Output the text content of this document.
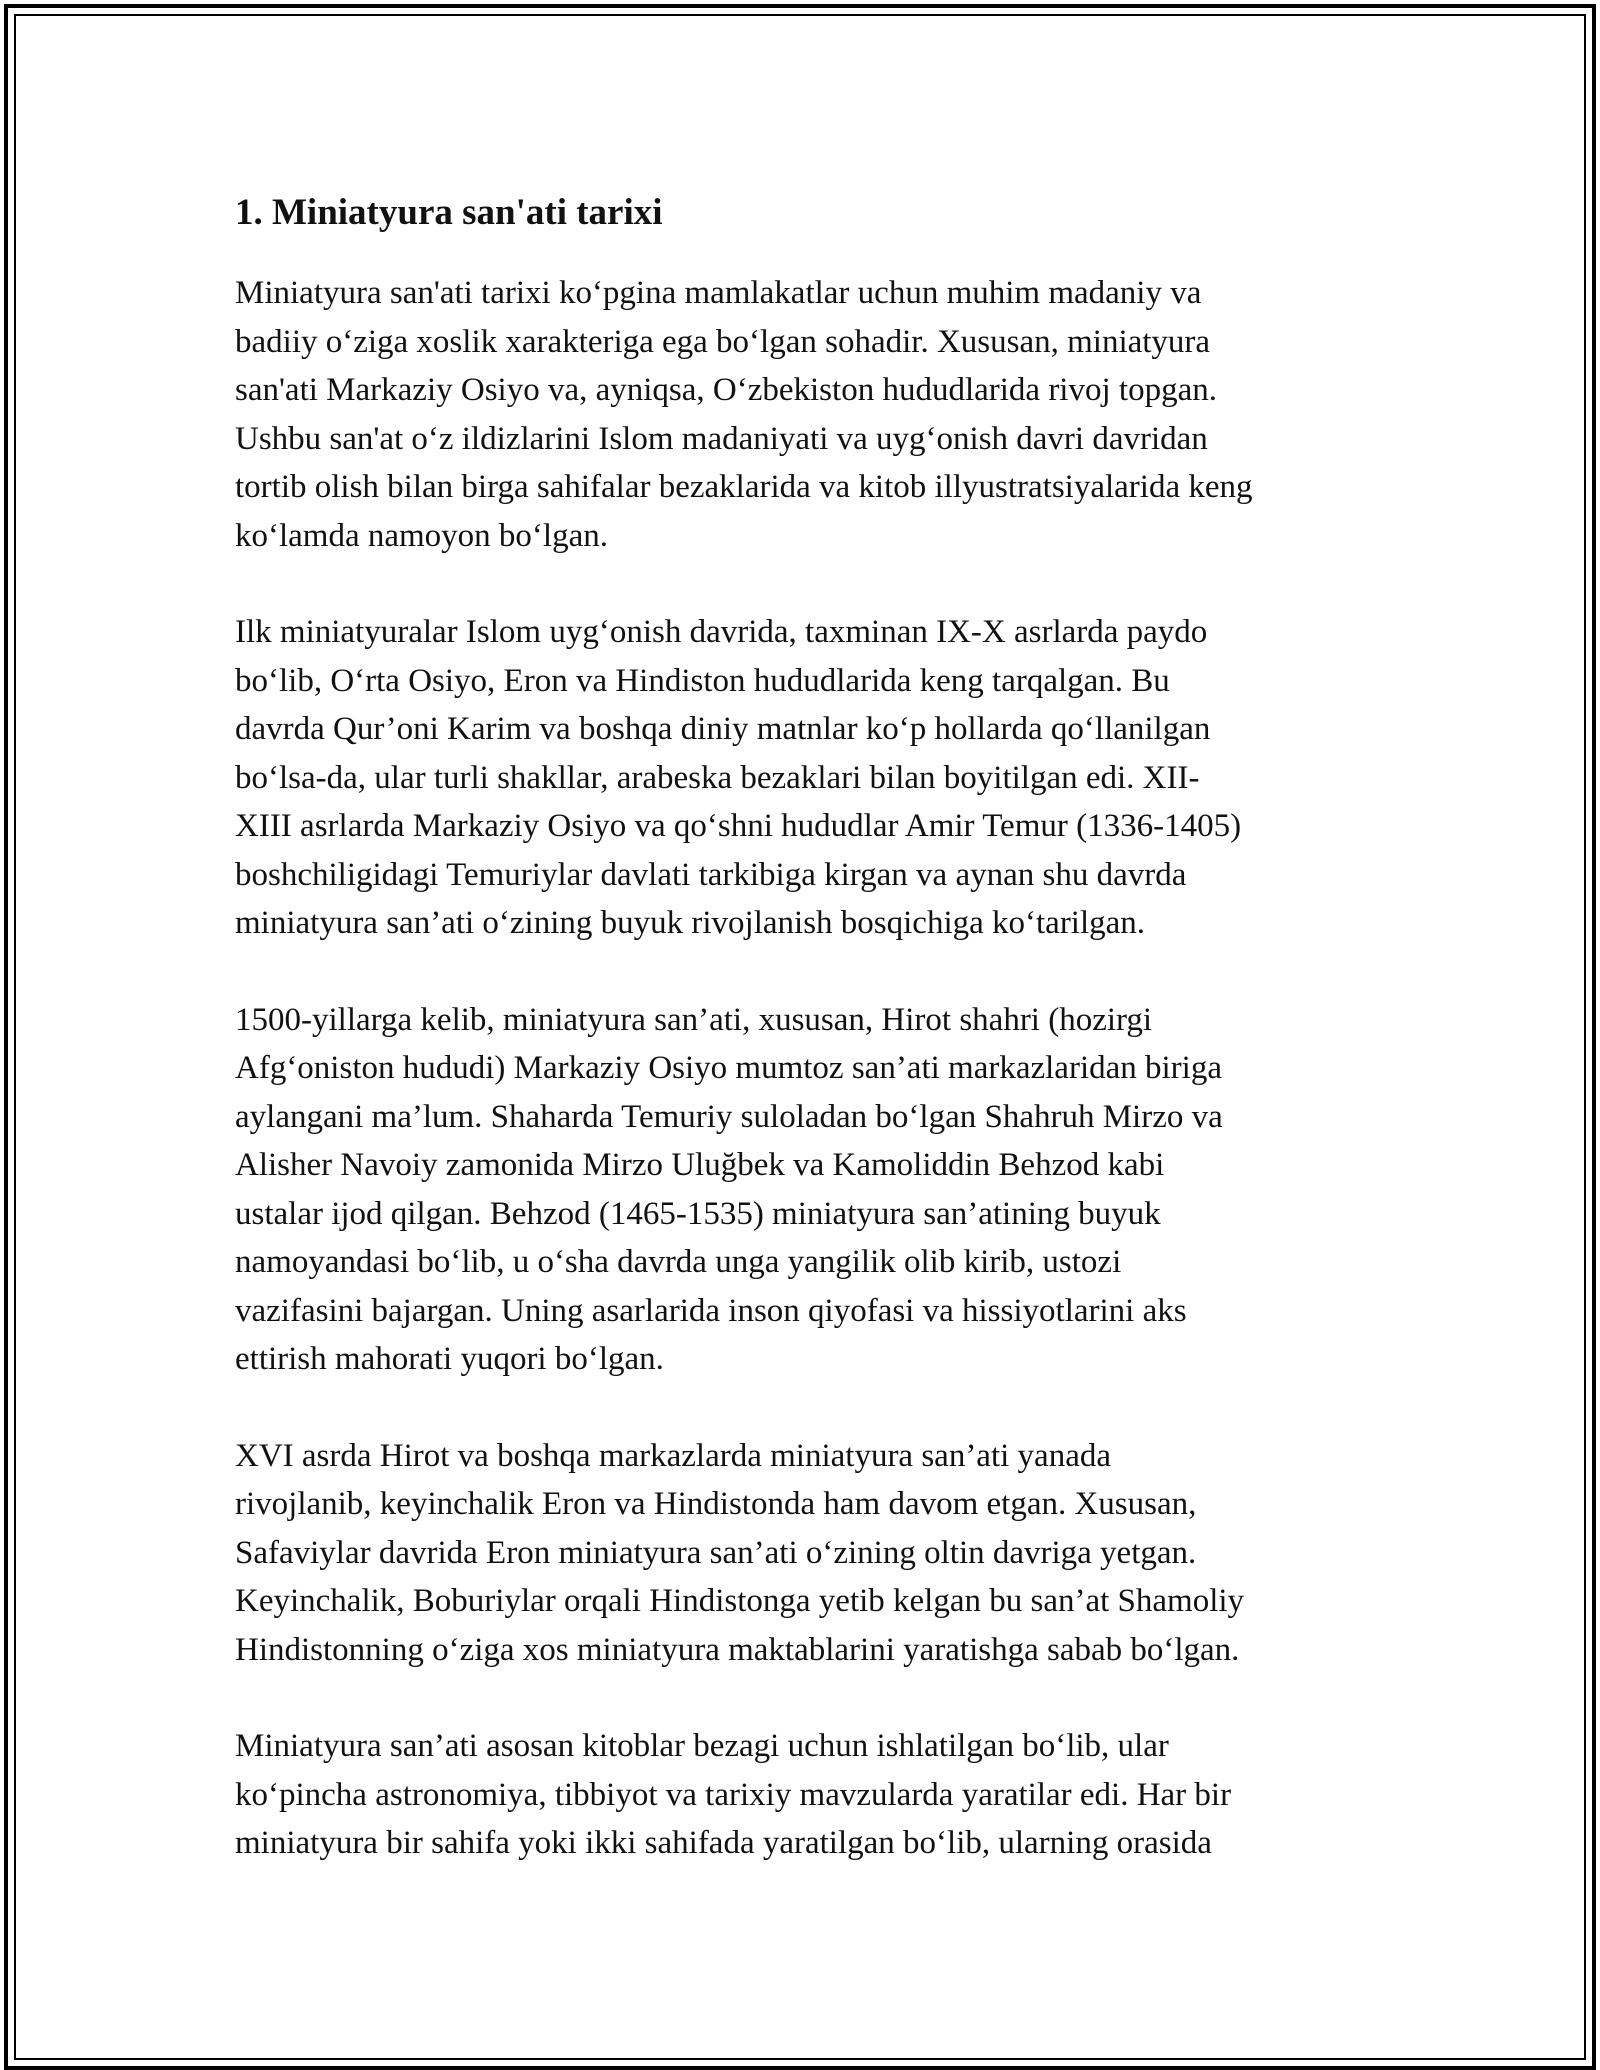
1. Miniatyura san'ati tarixi
Miniatyura san'ati tarixi ko‘pgina mamlakatlar uchun muhim madaniy va
badiiy o‘ziga xoslik xarakteriga ega bo‘lgan sohadir. Xususan, miniatyura
san'ati Markaziy Osiyo va, ayniqsa, O‘zbekiston hududlarida rivoj topgan.
Ushbu san'at o‘z ildizlarini Islom madaniyati va uyg‘onish davri davridan
tortib olish bilan birga sahifalar bezaklarida va kitob illyustratsiyalarida keng
ko‘lamda namoyon bo‘lgan.
Ilk miniatyuralar Islom uyg‘onish davrida, taxminan IX-X asrlarda paydo
bo‘lib, O‘rta Osiyo, Eron va Hindiston hududlarida keng tarqalgan. Bu
davrda Qur’oni Karim va boshqa diniy matnlar ko‘p hollarda qo‘llanilgan
bo‘lsa-da, ular turli shakllar, arabeska bezaklari bilan boyitilgan edi. XII-
XIII asrlarda Markaziy Osiyo va qo‘shni hududlar Amir Temur (1336-1405)
boshchiligidagi Temuriylar davlati tarkibiga kirgan va aynan shu davrda
miniatyura san’ati o‘zining buyuk rivojlanish bosqichiga ko‘tarilgan.
1500-yillarga kelib, miniatyura san’ati, xususan, Hirot shahri (hozirgi
Afg‘oniston hududi) Markaziy Osiyo mumtoz san’ati markazlaridan biriga
aylangani ma’lum. Shaharda Temuriy suloladan bo‘lgan Shahruh Mirzo va
Alisher Navoiy zamonida Mirzo Uluğbek va Kamoliddin Behzod kabi
ustalar ijod qilgan. Behzod (1465-1535) miniatyura san’atining buyuk
namoyandasi bo‘lib, u o‘sha davrda unga yangilik olib kirib, ustozi
vazifasini bajargan. Uning asarlarida inson qiyofasi va hissiyotlarini aks
ettirish mahorati yuqori bo‘lgan.
XVI asrda Hirot va boshqa markazlarda miniatyura san’ati yanada
rivojlanib, keyinchalik Eron va Hindistonda ham davom etgan. Xususan,
Safaviylar davrida Eron miniatyura san’ati o‘zining oltin davriga yetgan.
Keyinchalik, Boburiylar orqali Hindistonga yetib kelgan bu san’at Shamoliy
Hindistonning o‘ziga xos miniatyura maktablarini yaratishga sabab bo‘lgan.
Miniatyura san’ati asosan kitoblar bezagi uchun ishlatilgan bo‘lib, ular
ko‘pincha astronomiya, tibbiyot va tarixiy mavzularda yaratilar edi. Har bir
miniatyura bir sahifa yoki ikki sahifada yaratilgan bo‘lib, ularning orasida
